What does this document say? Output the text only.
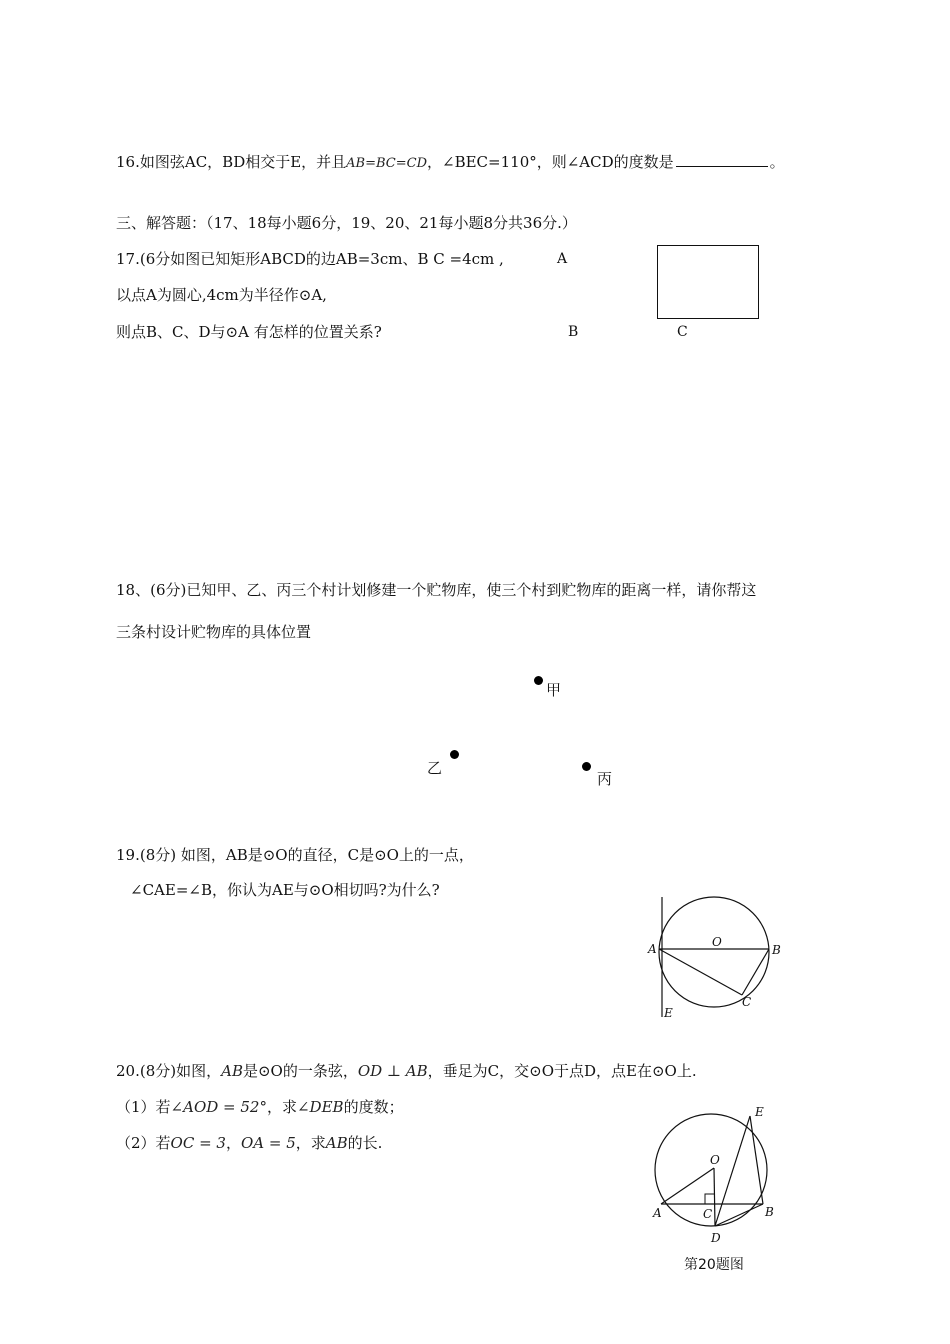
16.如图弦AC，BD相交于E，并且AB=BC=CD，∠BEC=110°，则∠ACD的度数是	。
三、解答题：（17、18每小题6分，19、20、21每小题8分共36分.）
17.(6分如图已知矩形ABCD的边AB=3cm、B C =4cm ,
以点A为圆心,4cm为半径作⊙A,
则点B、C、D与⊙A 有怎样的位置关系?
A
B	C
18、(6分)已知甲、乙、丙三个村计划修建一个贮物库，使三个村到贮物库的距离一样，请你帮这
三条村设计贮物库的具体位置
甲
乙
丙
19.(8分) 如图，AB是⊙O的直径，C是⊙O上的一点，
∠CAE=∠B，你认为AE与⊙O相切吗?为什么?
A	O
B
C
E
20.(8分)如图，AB是⊙O的一条弦，OD ⊥ AB，垂足为C，交⊙O于点D，点E在⊙O上.
（1）若∠AOD = 52°，求∠DEB的度数；
（2）若OC = 3，OA = 5，求AB的长.
E
O
A	C	B
D
第20题图
